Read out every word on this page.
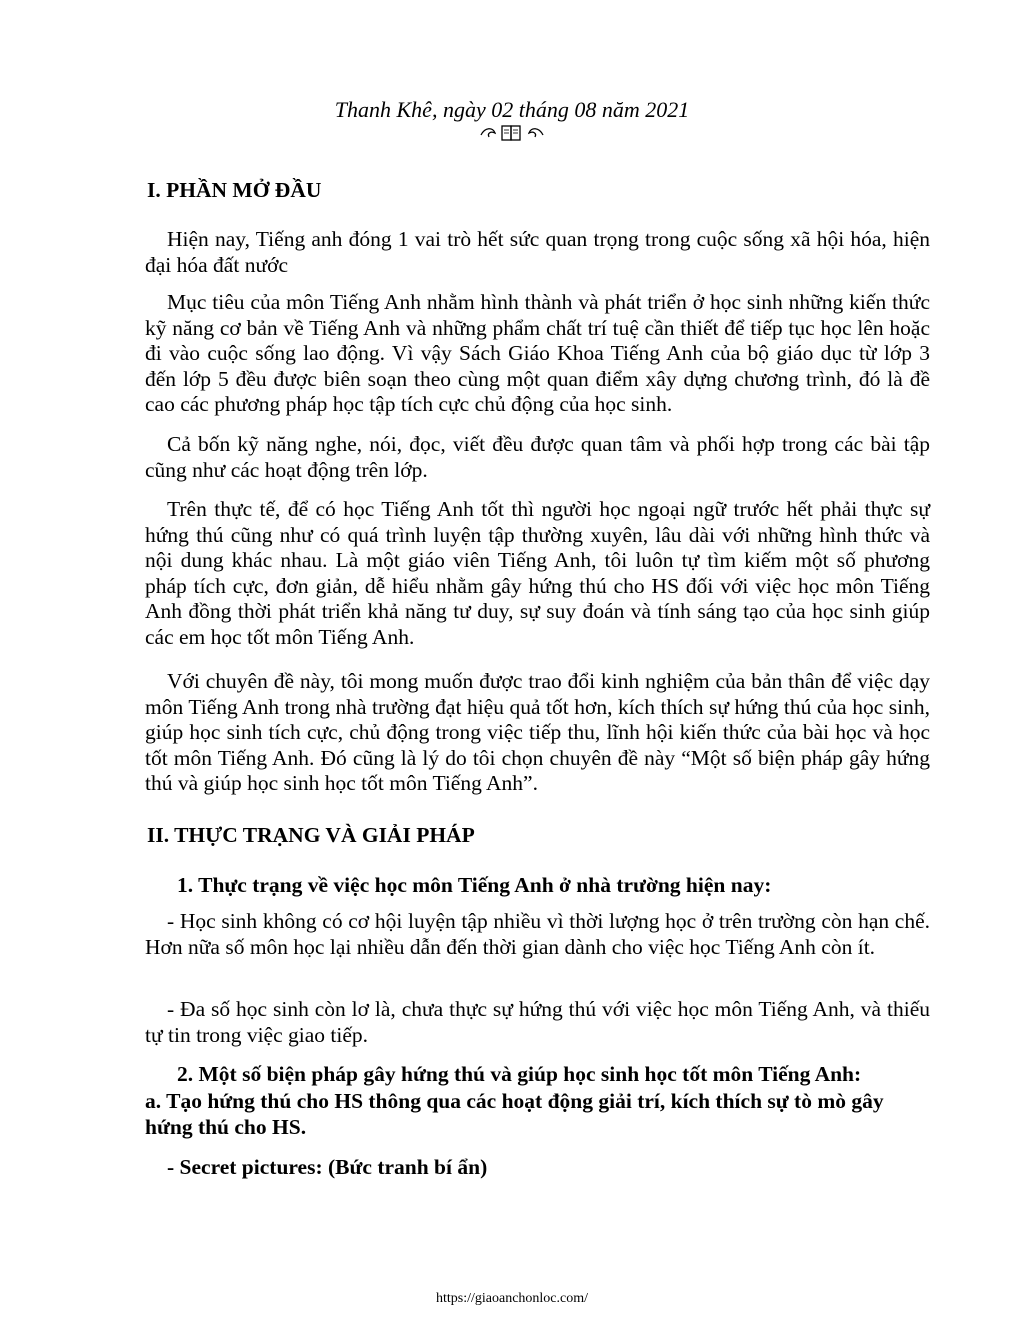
Thanh Khê, ngày 02 tháng 08 năm 2021
I. PHẦN MỞ ĐẦU

Hiện nay, Tiếng anh đóng 1 vai trò hết sức quan trọng trong cuộc sống xã hội hóa, hiện đại hóa đất nước

Mục tiêu của môn Tiếng Anh nhằm hình thành và phát triển ở học sinh những kiến thức kỹ năng cơ bản về Tiếng Anh và những phẩm chất trí tuệ cần thiết để tiếp tục học lên hoặc đi vào cuộc sống lao động. Vì vậy Sách Giáo Khoa Tiếng Anh của bộ giáo dục từ lớp 3 đến lớp 5 đều được biên soạn theo cùng một quan điểm xây dựng chương trình, đó là đề cao các phương pháp học tập tích cực chủ động của học sinh.

Cả bốn kỹ năng nghe, nói, đọc, viết đều được quan tâm và phối hợp trong các bài tập cũng như các hoạt động trên lớp.

Trên thực tế, để có học Tiếng Anh tốt thì người học ngoại ngữ trước hết phải thực sự hứng thú cũng như có quá trình luyện tập thường xuyên, lâu dài với những hình thức và nội dung khác nhau. Là một giáo viên Tiếng Anh, tôi luôn tự tìm kiếm một số phương pháp tích cực, đơn giản, dễ hiểu nhằm gây hứng thú cho HS đối với việc học môn Tiếng Anh đồng thời phát triển khả năng tư duy, sự suy đoán và tính sáng tạo của học sinh giúp các em học tốt môn Tiếng Anh.

Với chuyên đề này, tôi mong muốn được trao đổi kinh nghiệm của bản thân để việc dạy môn Tiếng Anh trong nhà trường đạt hiệu quả tốt hơn, kích thích sự hứng thú của học sinh, giúp học sinh tích cực, chủ động trong việc tiếp thu, lĩnh hội kiến thức của bài học và học tốt môn Tiếng Anh. Đó cũng là lý do tôi chọn chuyên đề này “Một số biện pháp gây hứng thú và giúp học sinh học tốt môn Tiếng Anh”.

II. THỰC TRẠNG VÀ GIẢI PHÁP
1. Thực trạng về việc học môn Tiếng Anh ở nhà trường hiện nay:

- Học sinh không có cơ hội luyện tập nhiều vì thời lượng học ở trên trường còn hạn chế. Hơn nữa số môn học lại nhiều dẫn đến thời gian dành cho việc học Tiếng Anh còn ít.

- Đa số học sinh còn lơ là, chưa thực sự hứng thú với việc học môn Tiếng Anh, và thiếu tự tin trong việc giao tiếp.

2. Một số biện pháp gây hứng thú và giúp học sinh học tốt môn Tiếng Anh:
a. Tạo hứng thú cho HS thông qua các hoạt động giải trí, kích thích sự tò mò gây hứng thú cho HS.
- Secret pictures: (Bức tranh bí ẩn)
https://giaoanchonloc.com/
